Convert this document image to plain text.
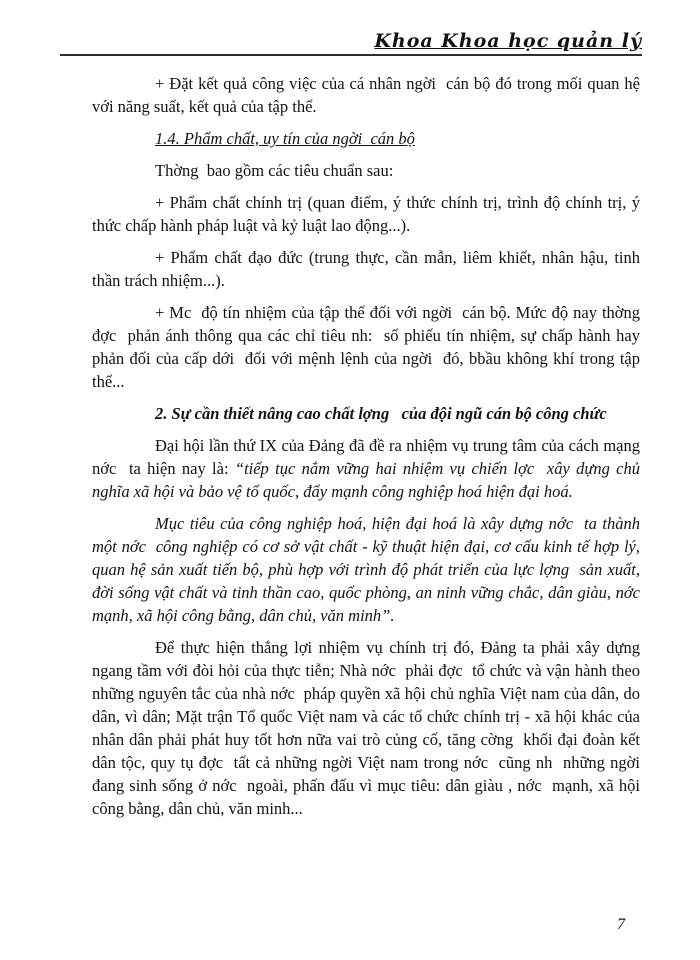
Khoa Khoa học quản lý

+ Đặt kết quả công việc của cá nhân ngời  cán bộ đó trong mối quan hệ với năng suất, kết quả của tập thể.

1.4. Phẩm chất, uy tín của ngời  cán bộ

Thờng  bao gồm các tiêu chuẩn sau:

+ Phẩm chất chính trị (quan điểm, ý thức chính trị, trình độ chính trị, ý thức chấp hành pháp luật và kỷ luật lao động...).

+ Phẩm chất đạo đức (trung thực, cần mẫn, liêm khiết, nhân hậu, tinh thần trách nhiệm...).

+ Mc  độ tín nhiệm của tập thể đối với ngời  cán bộ. Mức độ nay thờng  đợc  phản ánh thông qua các chỉ tiêu nh:  số phiếu tín nhiệm, sự chấp hành hay phản đối của cấp dới  đối với mệnh lệnh của ngời  đó, bbầu không khí trong tập thể...

2. Sự cần thiết nâng cao chất lợng   của đội ngũ cán bộ công chức

Đại hội lần thứ IX của Đảng đã đề ra nhiệm vụ trung tâm của cách mạng nớc  ta hiện nay là: “tiếp tục nắm vững hai nhiệm vụ chiến lợc  xây dựng chủ nghĩa xã hội và bảo vệ tổ quốc, đẩy mạnh công nghiệp hoá hiện đại hoá.

Mục tiêu của công nghiệp hoá, hiện đại hoá là xây dựng nớc  ta thành một nớc  công nghiệp có cơ sở vật chất - kỹ thuật hiện đại, cơ cấu kinh tế hợp lý, quan hệ sản xuất tiến bộ, phù hợp với trình độ phát triển của lực lợng  sản xuất, đời sống vật chất và tinh thần cao, quốc phòng, an ninh vững chắc, dân giàu, nớc  mạnh, xã hội công bằng, dân chủ, văn minh”.

Để thực hiện thắng lợi nhiệm vụ chính trị đó, Đảng ta phải xây dựng ngang tầm với đòi hỏi của thực tiễn; Nhà nớc  phải đợc  tổ chức và vận hành theo những nguyên tắc của nhà nớc  pháp quyền xã hội chủ nghĩa Việt nam của dân, do dân, vì dân; Mặt trận Tổ quốc Việt nam và các tổ chức chính trị - xã hội khác của nhân dân phải phát huy tốt hơn nữa vai trò củng cố, tăng cờng  khối đại đoàn kết dân tộc, quy tụ đợc  tất cả những ngời Việt nam trong nớc  cũng nh  những ngời  đang sinh sống ở nớc  ngoài, phấn đấu vì mục tiêu: dân giàu , nớc  mạnh, xã hội công bằng, dân chủ, văn minh...

7
